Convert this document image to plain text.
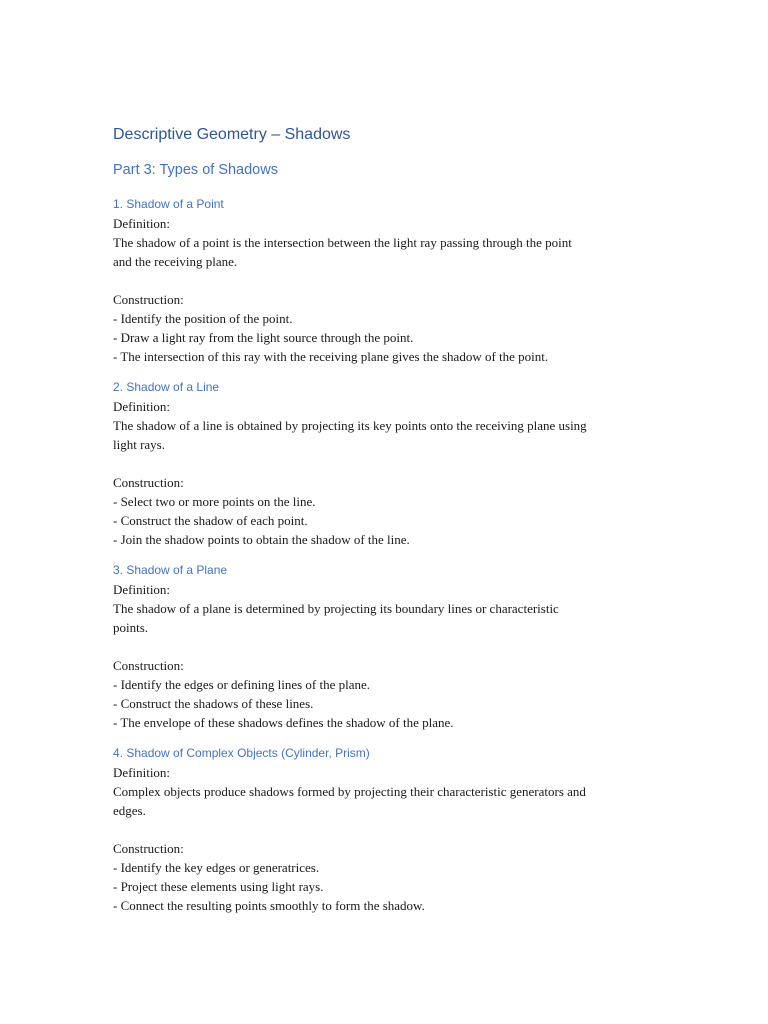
Descriptive Geometry – Shadows
Part 3: Types of Shadows
1. Shadow of a Point

Definition:

The shadow of a point is the intersection between the light ray passing through the point

and the receiving plane.

Construction:

- Identify the position of the point.

- Draw a light ray from the light source through the point.

- The intersection of this ray with the receiving plane gives the shadow of the point.

2. Shadow of a Line

Definition:

The shadow of a line is obtained by projecting its key points onto the receiving plane using

light rays.

Construction:

- Select two or more points on the line.

- Construct the shadow of each point.

- Join the shadow points to obtain the shadow of the line.

3. Shadow of a Plane

Definition:

The shadow of a plane is determined by projecting its boundary lines or characteristic

points.

Construction:

- Identify the edges or defining lines of the plane.

- Construct the shadows of these lines.

- The envelope of these shadows defines the shadow of the plane.

4. Shadow of Complex Objects (Cylinder, Prism)

Definition:

Complex objects produce shadows formed by projecting their characteristic generators and

edges.

Construction:

- Identify the key edges or generatrices.

- Project these elements using light rays.

- Connect the resulting points smoothly to form the shadow.
